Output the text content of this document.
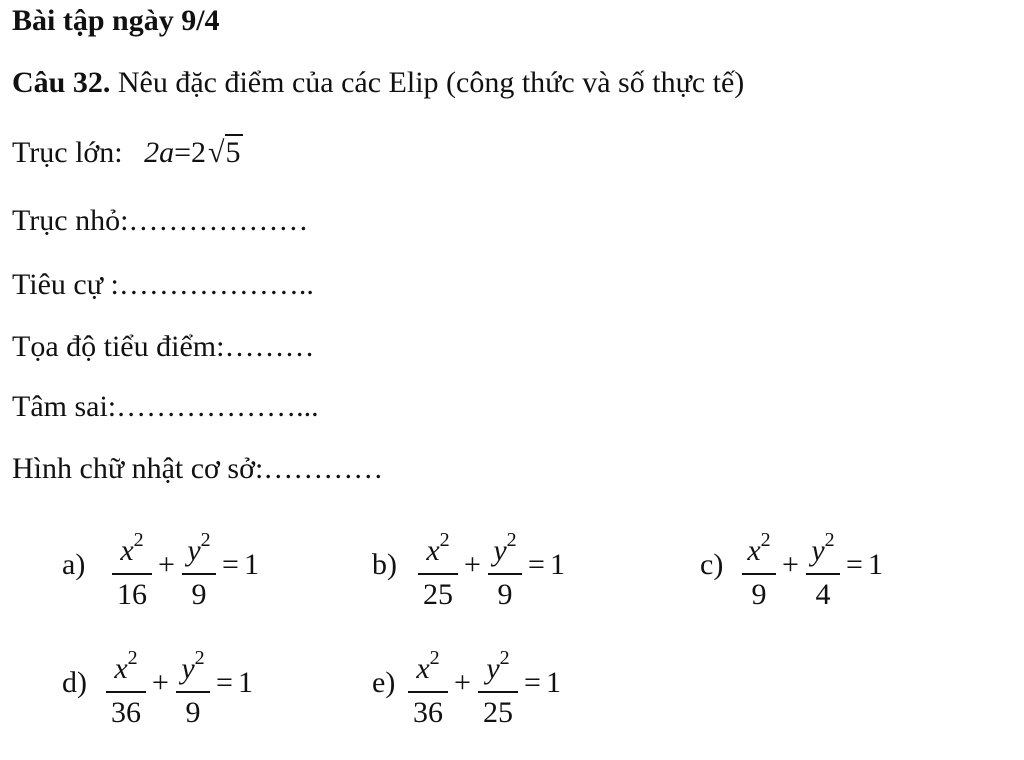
Bài tập ngày 9/4
Câu 32. Nêu đặc điểm của các Elip (công thức và số thực tế)
Trục lớn: 2a=2√5
Trục nhỏ:………………
Tiêu cự :………………..
Tọa độ tiểu điểm:………
Tâm sai:………………...
Hình chữ nhật cơ sở:…………
a) $x^2$
16
+ $y^2$
9
= 1	b) $x^2$
25
+ $y^2$
9
= 1	c) $x^2$
9
+ $y^2$
4
= 1
d) $x^2$
36
+ $y^2$
9
= 1	e) $x^2$
36
+ $y^2$
25
= 1
